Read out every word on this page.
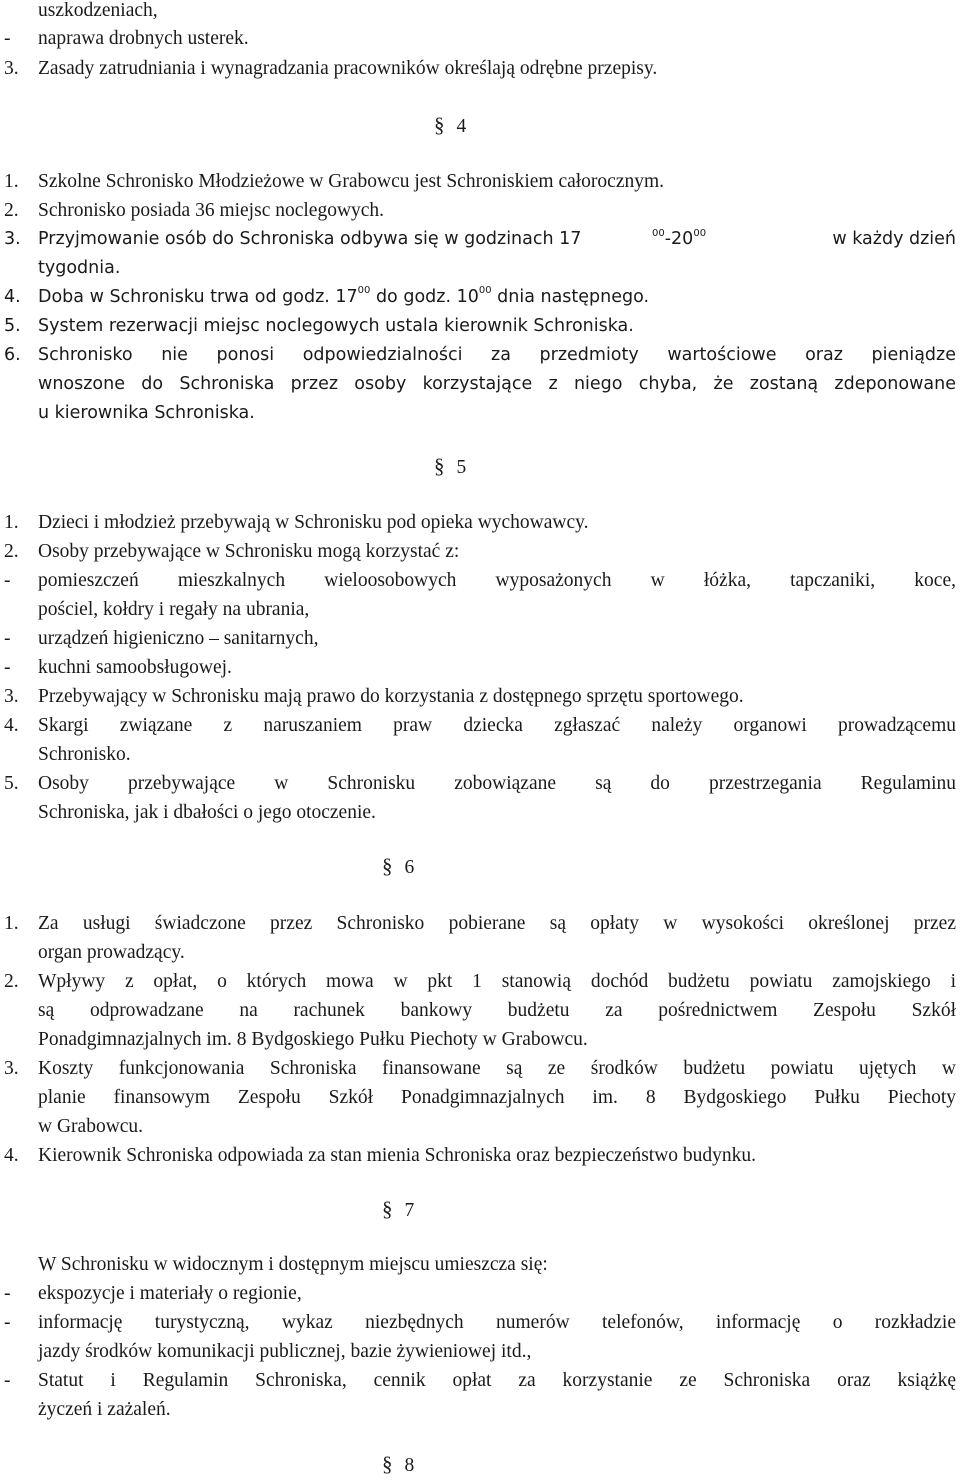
uszkodzeniach,
- naprawa drobnych usterek.
3. Zasady zatrudniania i wynagradzania pracowników określają odrębne przepisy.
§ 4
1. Szkolne Schronisko Młodzieżowe w Grabowcu jest Schroniskiem całorocznym.
2. Schronisko posiada 36 miejsc noclegowych.
3. Przyjmowanie osób do Schroniska odbywa się w godzinach 17	$^{00}-20^{00}$	w każdy dzień
tygodnia.
4. Doba w Schronisku trwa od godz. $17^{00}$ do godz. $10^{00}$ dnia następnego.
5. System rezerwacji miejsc noclegowych ustala kierownik Schroniska.
6. Schronisko nie ponosi odpowiedzialności za przedmioty wartościowe oraz pieniądze
wnoszone do Schroniska przez osoby korzystające z niego chyba, że zostaną zdeponowane
u kierownika Schroniska.
§ 5
1. Dzieci i młodzież przebywają w Schronisku pod opieka wychowawcy.
2. Osoby przebywające w Schronisku mogą korzystać z:
- pomieszczeń mieszkalnych wieloosobowych wyposażonych w łóżka, tapczaniki, koce,
pościel, kołdry i regały na ubrania,
- urządzeń higieniczno – sanitarnych,
- kuchni samoobsługowej.
3. Przebywający w Schronisku mają prawo do korzystania z dostępnego sprzętu sportowego.
4. Skargi związane z naruszaniem praw dziecka zgłaszać należy organowi prowadzącemu
Schronisko.
5. Osoby przebywające w Schronisku zobowiązane są do przestrzegania Regulaminu
Schroniska, jak i dbałości o jego otoczenie.
§ 6
1. Za usługi świadczone przez Schronisko pobierane są opłaty w wysokości określonej przez
organ prowadzący.
2. Wpływy z opłat, o których mowa w pkt 1 stanowią dochód budżetu powiatu zamojskiego i
są odprowadzane na rachunek bankowy budżetu za pośrednictwem Zespołu Szkół
Ponadgimnazjalnych im. 8 Bydgoskiego Pułku Piechoty w Grabowcu.
3. Koszty funkcjonowania Schroniska finansowane są ze środków budżetu powiatu ujętych w
planie finansowym Zespołu Szkół Ponadgimnazjalnych im. 8 Bydgoskiego Pułku Piechoty
w Grabowcu.
4. Kierownik Schroniska odpowiada za stan mienia Schroniska oraz bezpieczeństwo budynku.
§ 7
W Schronisku w widocznym i dostępnym miejscu umieszcza się:
- ekspozycje i materiały o regionie,
- informację turystyczną, wykaz niezbędnych numerów telefonów, informację o rozkładzie
jazdy środków komunikacji publicznej, bazie żywieniowej itd.,
- Statut i Regulamin Schroniska, cennik opłat za korzystanie ze Schroniska oraz książkę
życzeń i zażaleń.
§ 8
